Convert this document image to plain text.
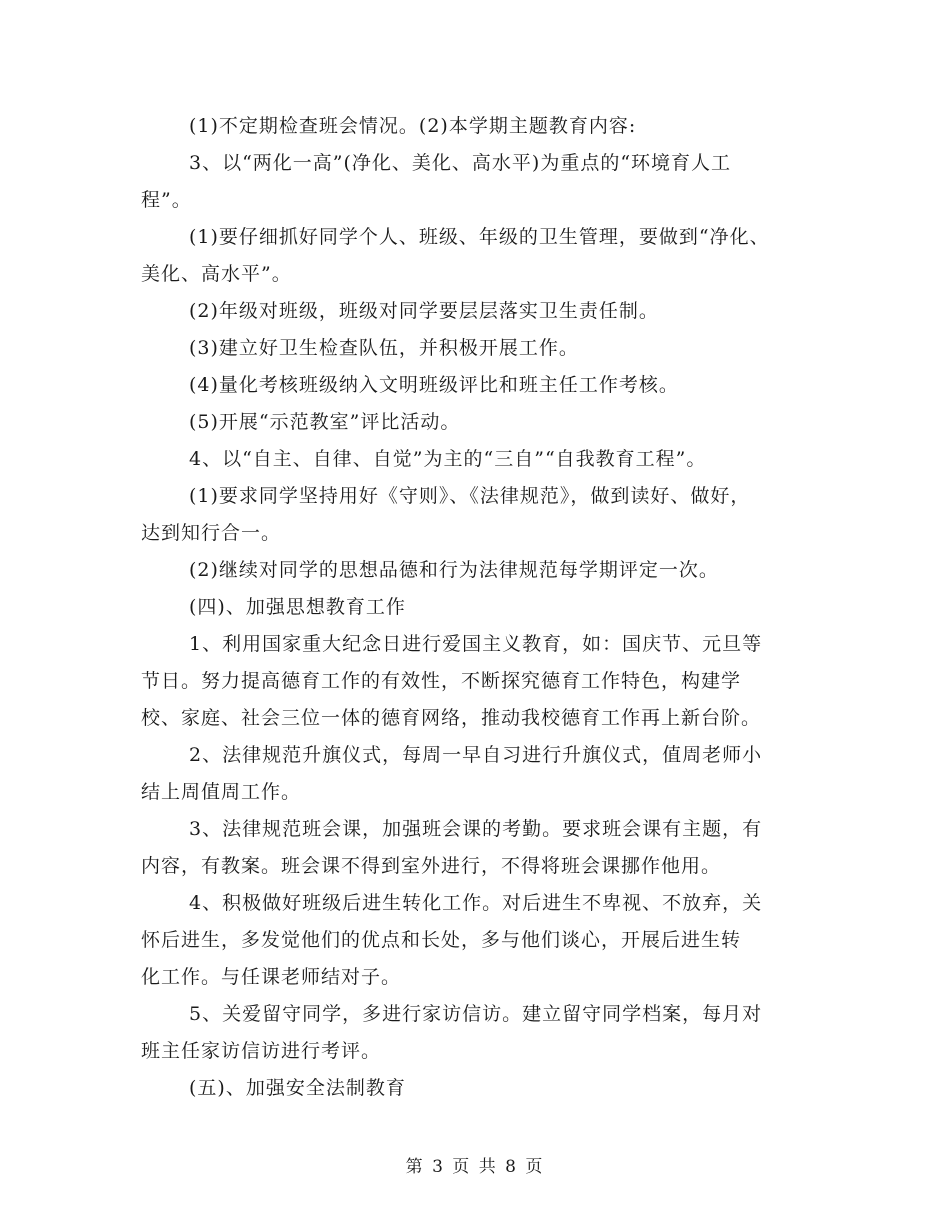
(1)不定期检查班会情况。(2)本学期主题教育内容:

3、以“两化一高”(净化、美化、高水平)为重点的“环境育人工
程”。

(1)要仔细抓好同学个人、班级、年级的卫生管理，要做到“净化、
美化、高水平”。

(2)年级对班级，班级对同学要层层落实卫生责任制。

(3)建立好卫生检查队伍，并积极开展工作。

(4)量化考核班级纳入文明班级评比和班主任工作考核。

(5)开展“示范教室”评比活动。

4、以“自主、自律、自觉”为主的“三自”“自我教育工程”。

(1)要求同学坚持用好《守则》、《法律规范》，做到读好、做好，
达到知行合一。

(2)继续对同学的思想品德和行为法律规范每学期评定一次。

(四)、加强思想教育工作

1、利用国家重大纪念日进行爱国主义教育，如：国庆节、元旦等
节日。努力提高德育工作的有效性，不断探究德育工作特色，构建学
校、家庭、社会三位一体的德育网络，推动我校德育工作再上新台阶。

2、法律规范升旗仪式，每周一早自习进行升旗仪式，值周老师小
结上周值周工作。

3、法律规范班会课，加强班会课的考勤。要求班会课有主题，有
内容，有教案。班会课不得到室外进行，不得将班会课挪作他用。

4、积极做好班级后进生转化工作。对后进生不卑视、不放弃，关
怀后进生，多发觉他们的优点和长处，多与他们谈心，开展后进生转
化工作。与任课老师结对子。

5、关爱留守同学，多进行家访信访。建立留守同学档案，每月对
班主任家访信访进行考评。

(五)、加强安全法制教育

第 3 页 共 8 页
